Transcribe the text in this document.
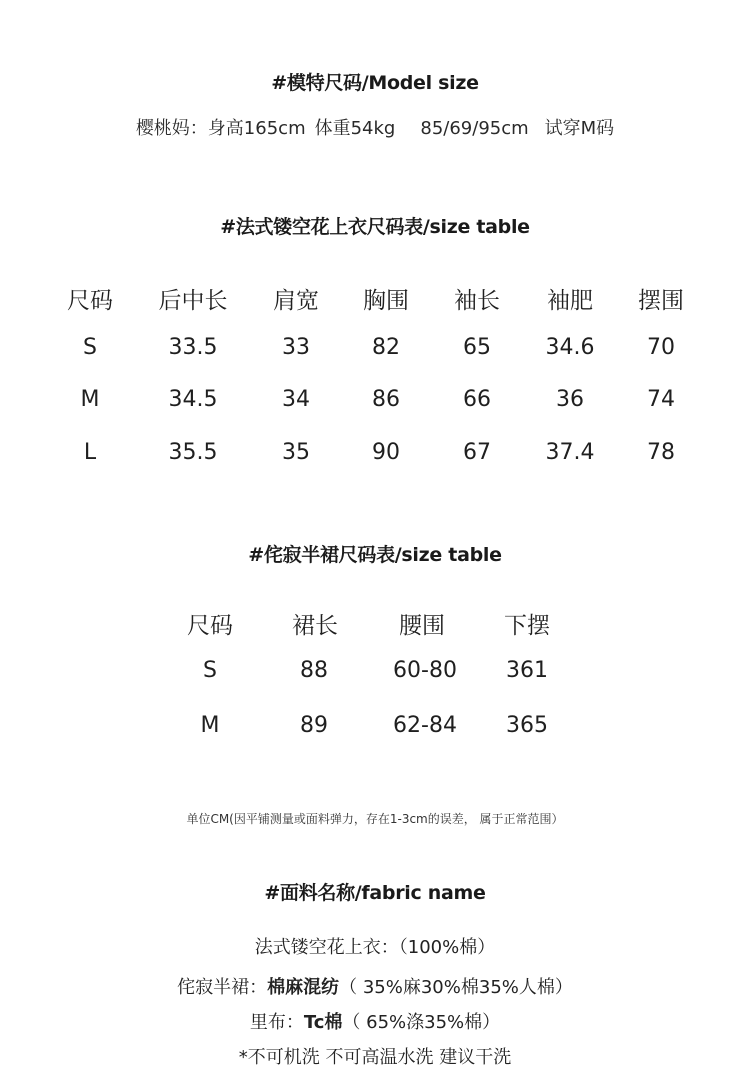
#模特尺码/Model size
樱桃妈：身高165cm 体重54kg 85/69/95cm 试穿M码
#法式镂空花上衣尺码表/size table
尺码	后中长	肩宽	胸围	袖长	袖肥	摆围
S	33.5	33	82	65	34.6	70
M	34.5	34	86	66	36	74
L	35.5	35	90	67	37.4	78
#侘寂半裙尺码表/size table
尺码	裙长	腰围	下摆
S	88	60-80	361
M	89	62-84	365
单位CM(因平铺测量或面料弹力，存在1-3cm的误差， 属于正常范围）
#面料名称/fabric name
法式镂空花上衣：（100%棉）
侘寂半裙：棉麻混纺（ 35%麻30%棉35%人棉）
里布：Tc棉（ 65%涤35%棉）
*不可机洗 不可高温水洗 建议干洗
